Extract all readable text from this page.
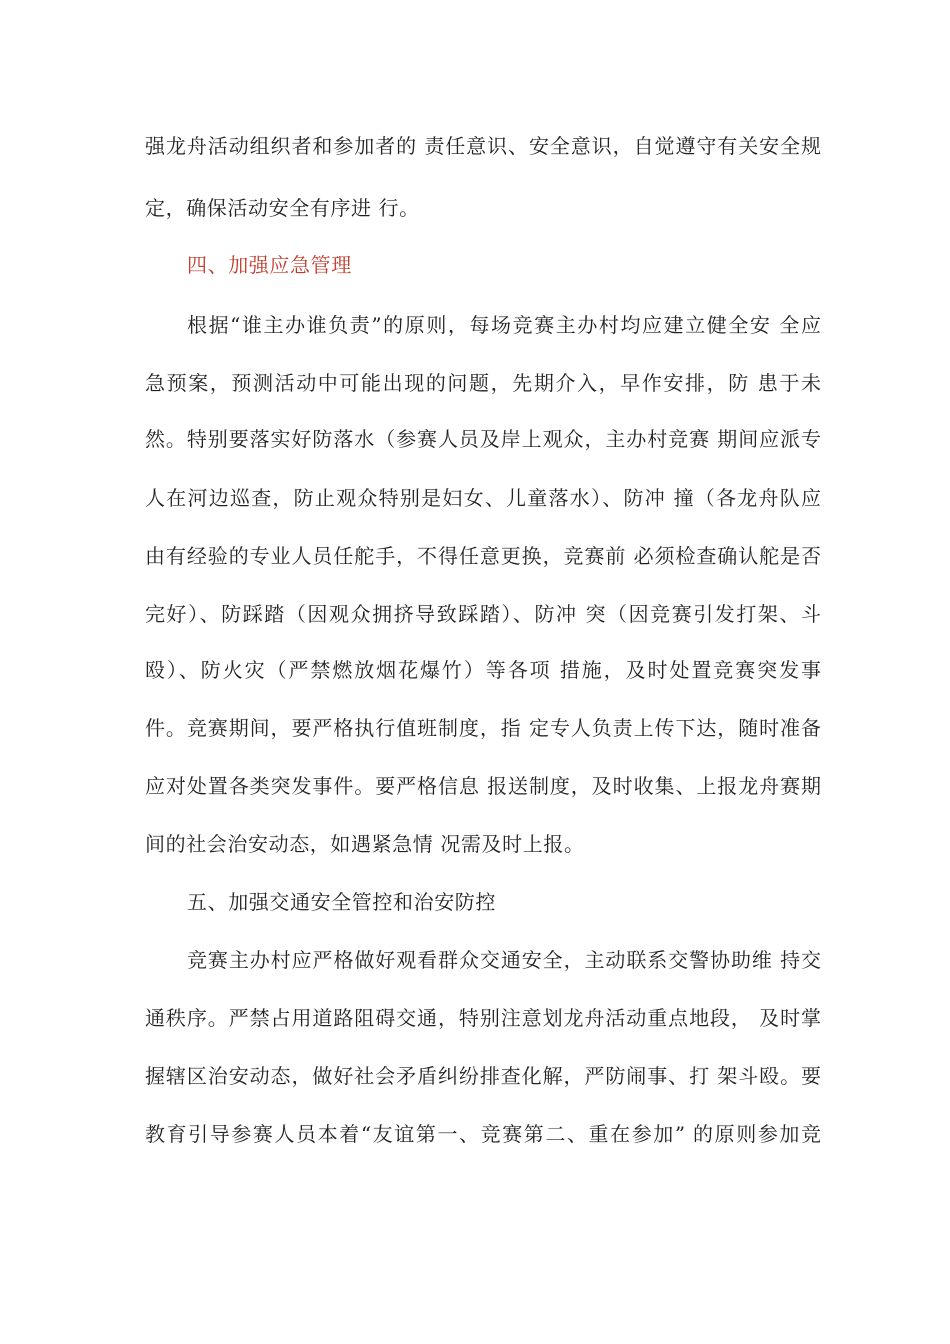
强龙舟活动组织者和参加者的 责任意识、安全意识，自觉遵守有关安全规
定，确保活动安全有序进 行。
四、加强应急管理
根据“谁主办谁负责”的原则，每场竞赛主办村均应建立健全安 全应
急预案，预测活动中可能出现的问题，先期介入，早作安排，防 患于未
然。特别要落实好防落水（参赛人员及岸上观众，主办村竞赛 期间应派专
人在河边巡查，防止观众特别是妇女、儿童落水）、防冲 撞（各龙舟队应
由有经验的专业人员任舵手，不得任意更换，竞赛前 必须检查确认舵是否
完好）、防踩踏（因观众拥挤导致踩踏）、防冲 突（因竞赛引发打架、斗
殴）、防火灾（严禁燃放烟花爆竹）等各项 措施，及时处置竞赛突发事
件。竞赛期间，要严格执行值班制度，指 定专人负责上传下达，随时准备
应对处置各类突发事件。要严格信息 报送制度，及时收集、上报龙舟赛期
间的社会治安动态，如遇紧急情 况需及时上报。
五、加强交通安全管控和治安防控
竞赛主办村应严格做好观看群众交通安全，主动联系交警协助维 持交
通秩序。严禁占用道路阻碍交通，特别注意划龙舟活动重点地段， 及时掌
握辖区治安动态，做好社会矛盾纠纷排查化解，严防闹事、打 架斗殴。要
教育引导参赛人员本着“友谊第一、竞赛第二、重在参加” 的原则参加竞
